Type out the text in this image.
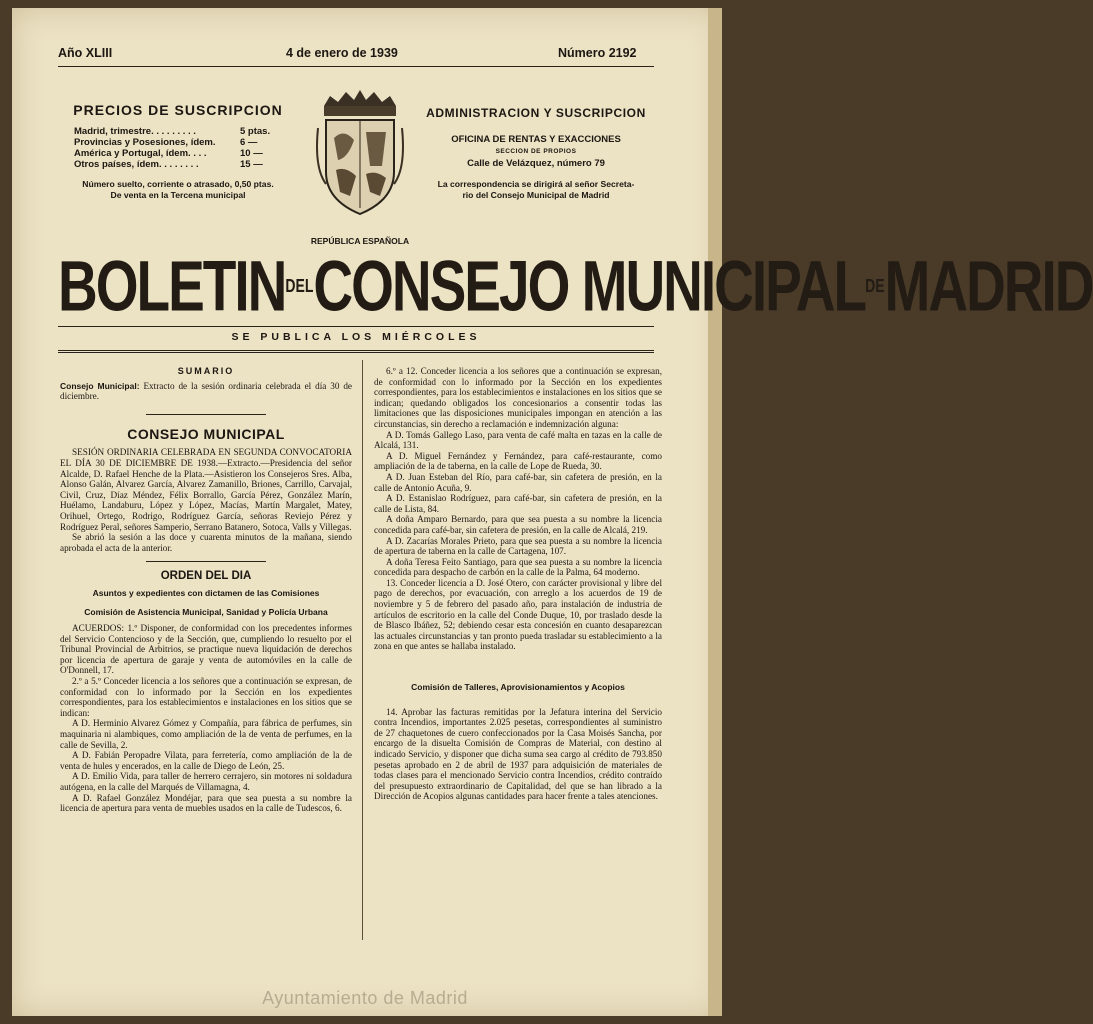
Año XLIII	4 de enero de 1939	Número 2192
PRECIOS DE SUSCRIPCION
Madrid, trimestre. . . . . . . . .	5 ptas.
Provincias y Posesiones, ídem.	6 —
América y Portugal, ídem. . . .	10 —
Otros países, ídem. . . . . . . .	15 —
Número suelto, corriente o atrasado, 0,50 ptas.
De venta en la Tercena municipal
REPÚBLICA ESPAÑOLA
ADMINISTRACION Y SUSCRIPCION
OFICINA DE RENTAS Y EXACCIONES
SECCION DE PROPIOS
Calle de Velázquez, número 79
La correspondencia se dirigirá al señor Secreta-
rio del Consejo Municipal de Madrid
$BOLETIN^{DEL}CONSEJO$ $MUNICIPAL^{DE}MADRID$
SE PUBLICA LOS MIÉRCOLES
SUMARIO
Consejo Municipal: Extracto de la sesión ordinaria celebrada el día 30 de diciembre.
CONSEJO MUNICIPAL

SESIÓN ORDINARIA CELEBRADA EN SEGUNDA CONVOCATORIA EL DÍA 30 DE DICIEMBRE DE 1938.—Extracto.—Presidencia del señor Alcalde, D. Rafael Henche de la Plata.—Asistieron los Consejeros Sres. Alba, Alonso Galán, Alvarez García, Alvarez Zamanillo, Briones, Carrillo, Carvajal, Civil, Cruz, Díaz Méndez, Félix Borrallo, García Pérez, González Marín, Huélamo, Landaburu, López y López, Macías, Martín Margalet, Matey, Orihuel, Ortego, Rodrigo, Rodríguez García, señoras Reviejo Pérez y Rodríguez Peral, señores Samperio, Serrano Batanero, Sotoca, Valls y Villegas.

Se abrió la sesión a las doce y cuarenta minutos de la mañana, siendo aprobada el acta de la anterior.

ORDEN DEL DIA
Asuntos y expedientes con dictamen de las Comisiones
Comisión de Asistencia Municipal, Sanidad y Policía Urbana

ACUERDOS: 1.º Disponer, de conformidad con los precedentes informes del Servicio Contencioso y de la Sección, que, cumpliendo lo resuelto por el Tribunal Provincial de Arbitrios, se practique nueva liquidación de derechos por licencia de apertura de garaje y venta de automóviles en la calle de O'Donnell, 17.

2.º a 5.º Conceder licencia a los señores que a continuación se expresan, de conformidad con lo informado por la Sección en los expedientes correspondientes, para los establecimientos e instalaciones en los sitios que se indican:

A D. Herminio Alvarez Gómez y Compañía, para fábrica de perfumes, sin maquinaria ni alambiques, como ampliación de la de venta de perfumes, en la calle de Sevilla, 2.

A D. Fabián Peropadre Vilata, para ferretería, como ampliación de la de venta de hules y encerados, en la calle de Diego de León, 25.

A D. Emilio Vida, para taller de herrero cerrajero, sin motores ni soldadura autógena, en la calle del Marqués de Villamagna, 4.

A D. Rafael González Mondéjar, para que sea puesta a su nombre la licencia de apertura para venta de muebles usados en la calle de Tudescos, 6.

6.º a 12. Conceder licencia a los señores que a continuación se expresan, de conformidad con lo informado por la Sección en los expedientes correspondientes, para los establecimientos e instalaciones en los sitios que se indican; quedando obligados los concesionarios a consentir todas las limitaciones que las disposiciones municipales impongan en atención a las circunstancias, sin derecho a reclamación e indemnización alguna:

A D. Tomás Gallego Laso, para venta de café malta en tazas en la calle de Alcalá, 131.

A D. Miguel Fernández y Fernández, para café-restaurante, como ampliación de la de taberna, en la calle de Lope de Rueda, 30.

A D. Juan Esteban del Río, para café-bar, sin cafetera de presión, en la calle de Antonio Acuña, 9.

A D. Estanislao Rodríguez, para café-bar, sin cafetera de presión, en la calle de Lista, 84.

A doña Amparo Bernardo, para que sea puesta a su nombre la licencia concedida para café-bar, sin cafetera de presión, en la calle de Alcalá, 219.

A D. Zacarías Morales Prieto, para que sea puesta a su nombre la licencia de apertura de taberna en la calle de Cartagena, 107.

A doña Teresa Feito Santiago, para que sea puesta a su nombre la licencia concedida para despacho de carbón en la calle de la Palma, 64 moderno.

13. Conceder licencia a D. José Otero, con carácter provisional y libre del pago de derechos, por evacuación, con arreglo a los acuerdos de 19 de noviembre y 5 de febrero del pasado año, para instalación de industria de artículos de escritorio en la calle del Conde Duque, 10, por traslado desde la de Blasco Ibáñez, 52; debiendo cesar esta concesión en cuanto desaparezcan las actuales circunstancias y tan pronto pueda trasladar su establecimiento a la zona en que antes se hallaba instalado.

Comisión de Talleres, Aprovisionamientos y Acopios

14. Aprobar las facturas remitidas por la Jefatura interina del Servicio contra Incendios, importantes 2.025 pesetas, correspondientes al suministro de 27 chaquetones de cuero confeccionados por la Casa Moisés Sancha, por encargo de la disuelta Comisión de Compras de Material, con destino al indicado Servicio, y disponer que dicha suma sea cargo al crédito de 793.850 pesetas aprobado en 2 de abril de 1937 para adquisición de materiales de todas clases para el mencionado Servicio contra Incendios, crédito contraído del presupuesto extraordinario de Capitalidad, del que se han librado a la Dirección de Acopios algunas cantidades para hacer frente a tales atenciones.

Ayuntamiento de Madrid
